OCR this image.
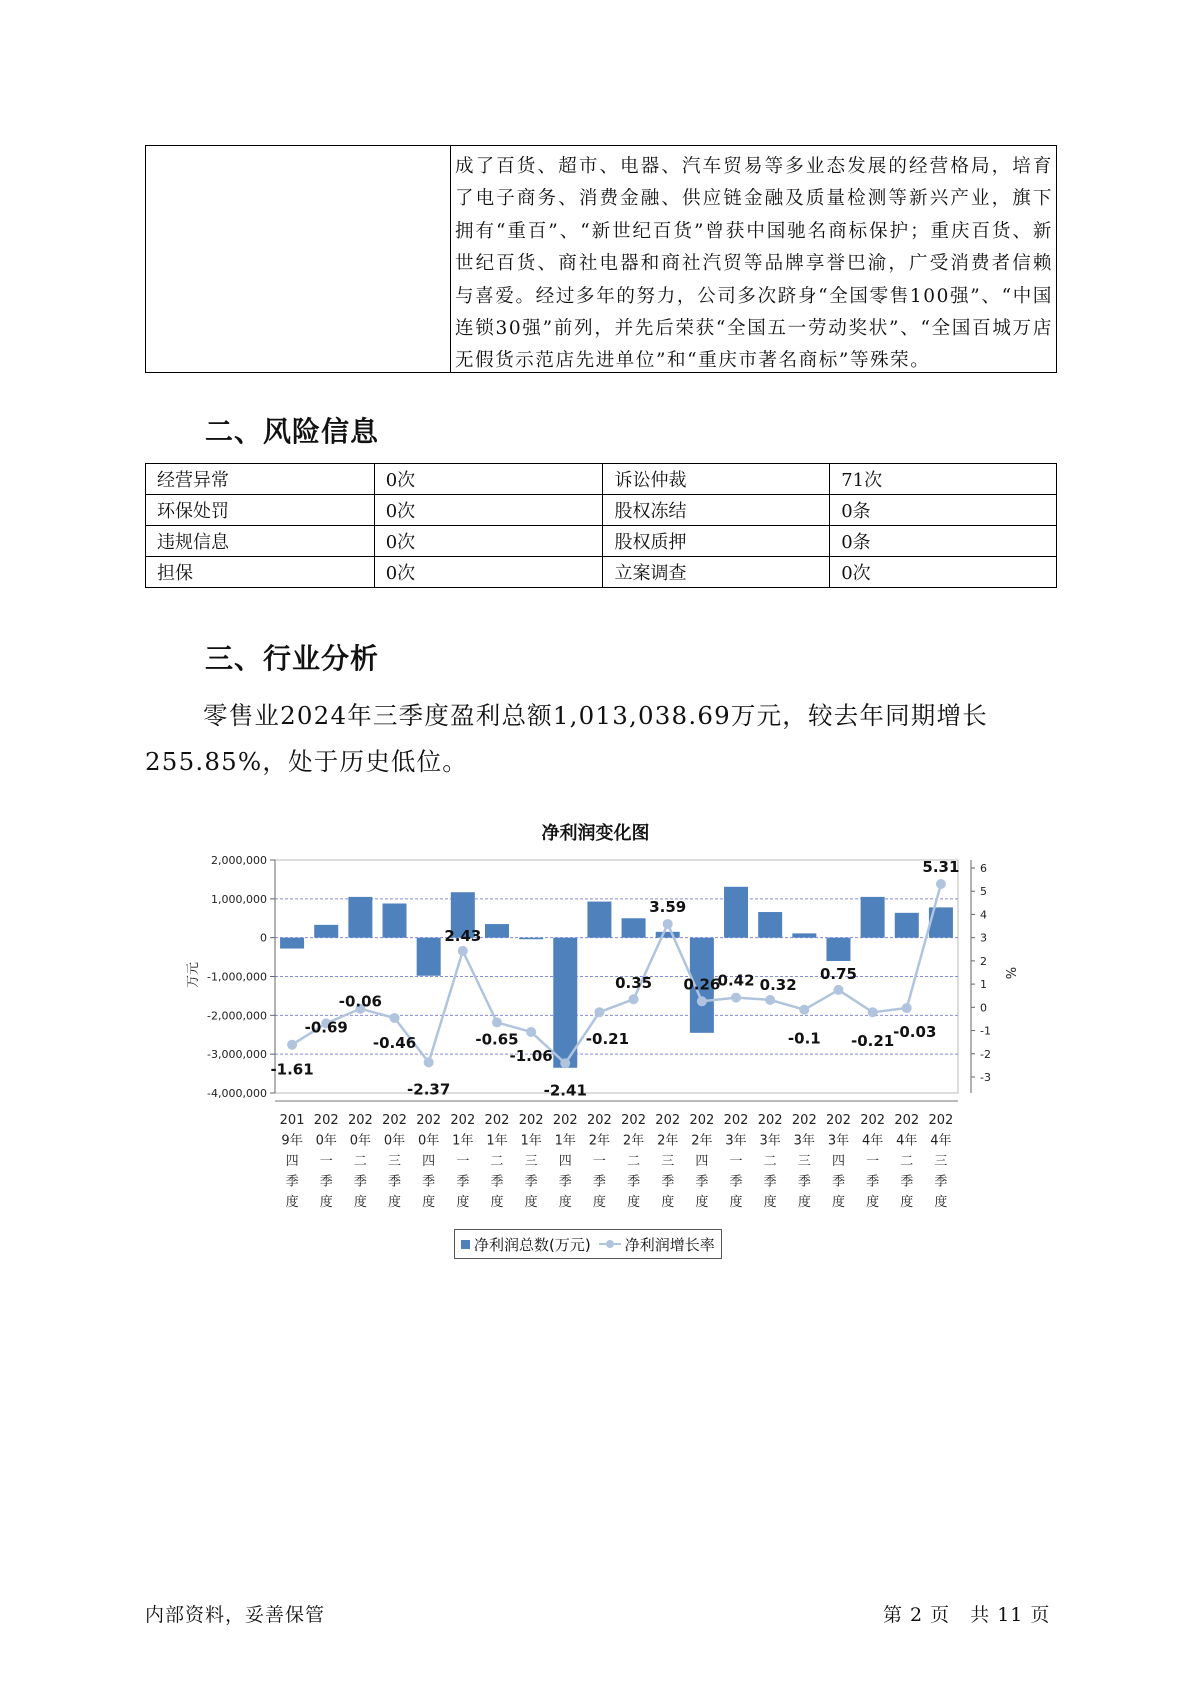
成了百货、超市、电器、汽车贸易等多业态发展的经营格局，培育了电子商务、消费金融、供应链金融及质量检测等新兴产业，旗下拥有“重百”、“新世纪百货”曾获中国驰名商标保护；重庆百货、新世纪百货、商社电器和商社汽贸等品牌享誉巴渝，广受消费者信赖与喜爱。经过多年的努力，公司多次跻身“全国零售100强”、“中国连锁30强”前列，并先后荣获“全国五一劳动奖状”、“全国百城万店无假货示范店先进单位”和“重庆市著名商标”等殊荣。
二、风险信息
经营异常	0次	诉讼仲裁	71次
环保处罚	0次	股权冻结	0条
违规信息	0次	股权质押	0条
担保	0次	立案调查	0次
三、行业分析
零售业2024年三季度盈利总额1,013,038.69万元，较去年同期增长255.85%，处于历史低位。
净利润变化图
2,000,000
1,000,000
0
-1,000,000
-2,000,000
-3,000,000
-4,000,000
6
5
4
3
2
1
0
-1
-2
-3
万元	%
-1.61
-0.69
-0.06
-0.46
-2.37
2.43
-0.65
-1.06
-2.41
-0.21
0.35
3.59
0.26
0.42 0.32
-0.1
0.75
-0.21
-0.03
5.31
201
9年
四
季
度
202
0年
一
季
度
202
0年
二
季
度
202
0年
三
季
度
202
0年
四
季
度
202
1年
一
季
度
202
1年
二
季
度
202
1年
三
季
度
202
1年
四
季
度
202
2年
一
季
度
202
2年
二
季
度
202
2年
三
季
度
202
2年
四
季
度
202
3年
一
季
度
202
3年
二
季
度
202
3年
三
季
度
202
3年
四
季
度
202
4年
一
季
度
202
4年
二
季
度
202
4年
三
季
度
净利润总数(万元) 净利润增长率
内部资料，妥善保管	第 2 页　共 11 页
